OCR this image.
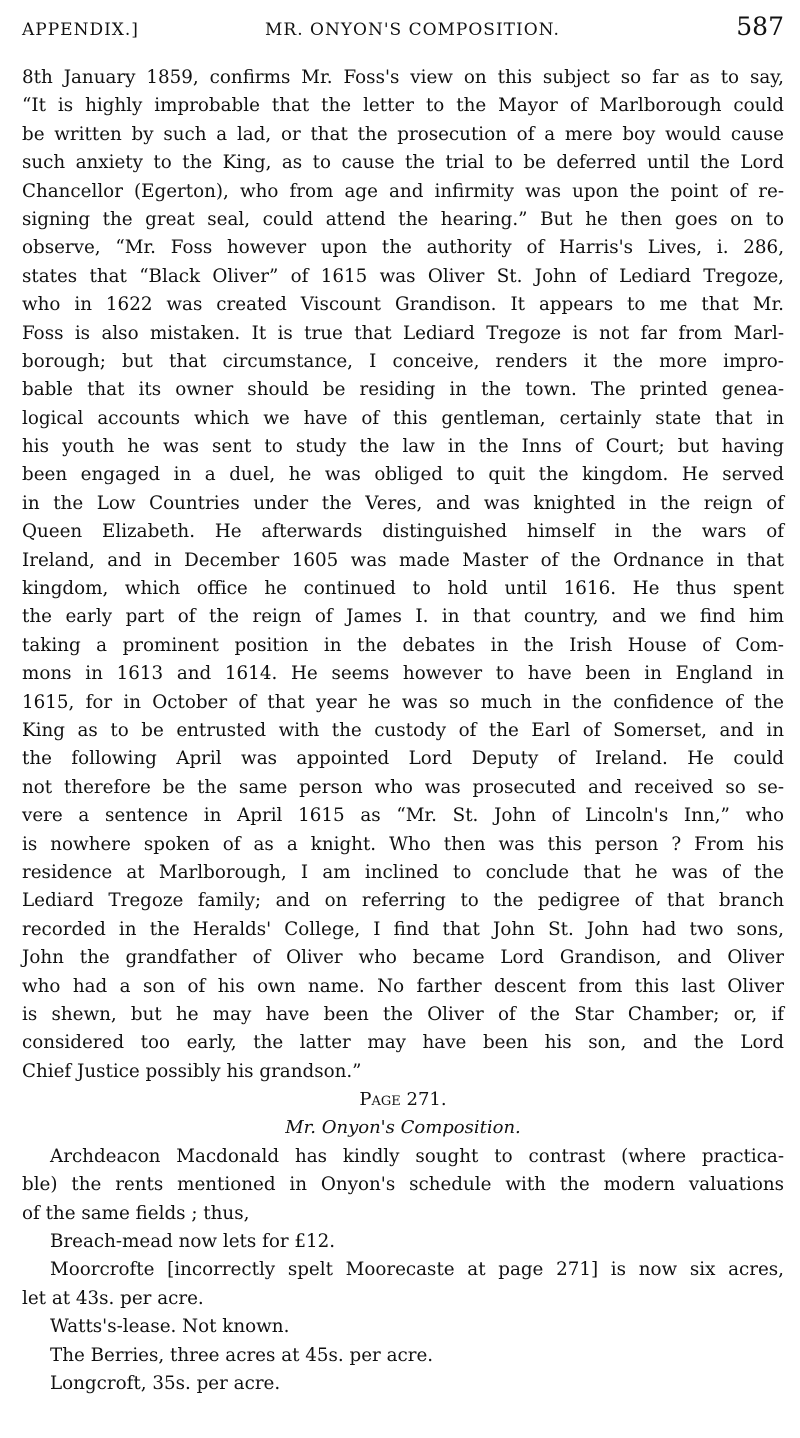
APPENDIX.]	MR. ONYON'S COMPOSITION.	587
8th January 1859, confirms Mr. Foss's view on this subject so far as to say,
“It is highly improbable that the letter to the Mayor of Marlborough could
be written by such a lad, or that the prosecution of a mere boy would cause
such anxiety to the King, as to cause the trial to be deferred until the Lord
Chancellor (Egerton), who from age and infirmity was upon the point of re-
signing the great seal, could attend the hearing.” But he then goes on to
observe, “Mr. Foss however upon the authority of Harris's Lives, i. 286,
states that “Black Oliver” of 1615 was Oliver St. John of Lediard Tregoze,
who in 1622 was created Viscount Grandison. It appears to me that Mr.
Foss is also mistaken. It is true that Lediard Tregoze is not far from Marl-
borough; but that circumstance, I conceive, renders it the more impro-
bable that its owner should be residing in the town. The printed genea-
logical accounts which we have of this gentleman, certainly state that in
his youth he was sent to study the law in the Inns of Court; but having
been engaged in a duel, he was obliged to quit the kingdom. He served
in the Low Countries under the Veres, and was knighted in the reign of
Queen Elizabeth. He afterwards distinguished himself in the wars of
Ireland, and in December 1605 was made Master of the Ordnance in that
kingdom, which office he continued to hold until 1616. He thus spent
the early part of the reign of James I. in that country, and we find him
taking a prominent position in the debates in the Irish House of Com-
mons in 1613 and 1614. He seems however to have been in England in
1615, for in October of that year he was so much in the confidence of the
King as to be entrusted with the custody of the Earl of Somerset, and in
the following April was appointed Lord Deputy of Ireland. He could
not therefore be the same person who was prosecuted and received so se-
vere a sentence in April 1615 as “Mr. St. John of Lincoln's Inn,” who
is nowhere spoken of as a knight. Who then was this person ? From his
residence at Marlborough, I am inclined to conclude that he was of the
Lediard Tregoze family; and on referring to the pedigree of that branch
recorded in the Heralds' College, I find that John St. John had two sons,
John the grandfather of Oliver who became Lord Grandison, and Oliver
who had a son of his own name. No farther descent from this last Oliver
is shewn, but he may have been the Oliver of the Star Chamber; or, if
considered too early, the latter may have been his son, and the Lord
Chief Justice possibly his grandson.”
Page 271.
Mr. Onyon's Composition.
Archdeacon Macdonald has kindly sought to contrast (where practica-
ble) the rents mentioned in Onyon's schedule with the modern valuations
of the same fields ; thus,
Breach-mead now lets for £12.
Moorcrofte [incorrectly spelt Moorecaste at page 271] is now six acres,
let at 43s. per acre.
Watts's-lease. Not known.
The Berries, three acres at 45s. per acre.
Longcroft, 35s. per acre.
